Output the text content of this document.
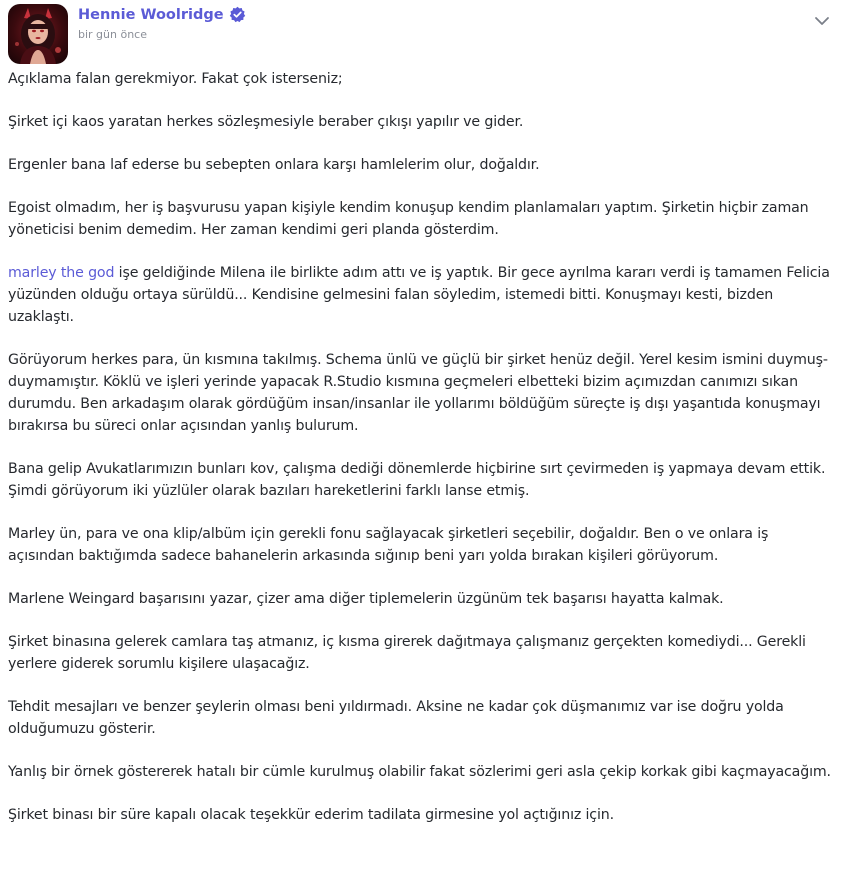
Hennie Woolridge
bir gün önce

Açıklama falan gerekmiyor. Fakat çok isterseniz;

Şirket içi kaos yaratan herkes sözleşmesiyle beraber çıkışı yapılır ve gider.

Ergenler bana laf ederse bu sebepten onlara karşı hamlelerim olur, doğaldır.

Egoist olmadım, her iş başvurusu yapan kişiyle kendim konuşup kendim planlamaları yaptım. Şirketin hiçbir zaman yöneticisi benim demedim. Her zaman kendimi geri planda gösterdim.

marley the god işe geldiğinde Milena ile birlikte adım attı ve iş yaptık. Bir gece ayrılma kararı verdi iş tamamen Felicia yüzünden olduğu ortaya sürüldü... Kendisine gelmesini falan söyledim, istemedi bitti. Konuşmayı kesti, bizden uzaklaştı.

Görüyorum herkes para, ün kısmına takılmış. Schema ünlü ve güçlü bir şirket henüz değil. Yerel kesim ismini duymuş-duymamıştır. Köklü ve işleri yerinde yapacak R.Studio kısmına geçmeleri elbetteki bizim açımızdan canımızı sıkan durumdu. Ben arkadaşım olarak gördüğüm insan/insanlar ile yollarımı böldüğüm süreçte iş dışı yaşantıda konuşmayı bırakırsa bu süreci onlar açısından yanlış bulurum.

Bana gelip Avukatlarımızın bunları kov, çalışma dediği dönemlerde hiçbirine sırt çevirmeden iş yapmaya devam ettik. Şimdi görüyorum iki yüzlüler olarak bazıları hareketlerini farklı lanse etmiş.

Marley ün, para ve ona klip/albüm için gerekli fonu sağlayacak şirketleri seçebilir, doğaldır. Ben o ve onlara iş açısından baktığımda sadece bahanelerin arkasında sığınıp beni yarı yolda bırakan kişileri görüyorum.

Marlene Weingard başarısını yazar, çizer ama diğer tiplemelerin üzgünüm tek başarısı hayatta kalmak.

Şirket binasına gelerek camlara taş atmanız, iç kısma girerek dağıtmaya çalışmanız gerçekten komediydi... Gerekli yerlere giderek sorumlu kişilere ulaşacağız.

Tehdit mesajları ve benzer şeylerin olması beni yıldırmadı. Aksine ne kadar çok düşmanımız var ise doğru yolda olduğumuzu gösterir.

Yanlış bir örnek göstererek hatalı bir cümle kurulmuş olabilir fakat sözlerimi geri asla çekip korkak gibi kaçmayacağım.

Şirket binası bir süre kapalı olacak teşekkür ederim tadilata girmesine yol açtığınız için.
